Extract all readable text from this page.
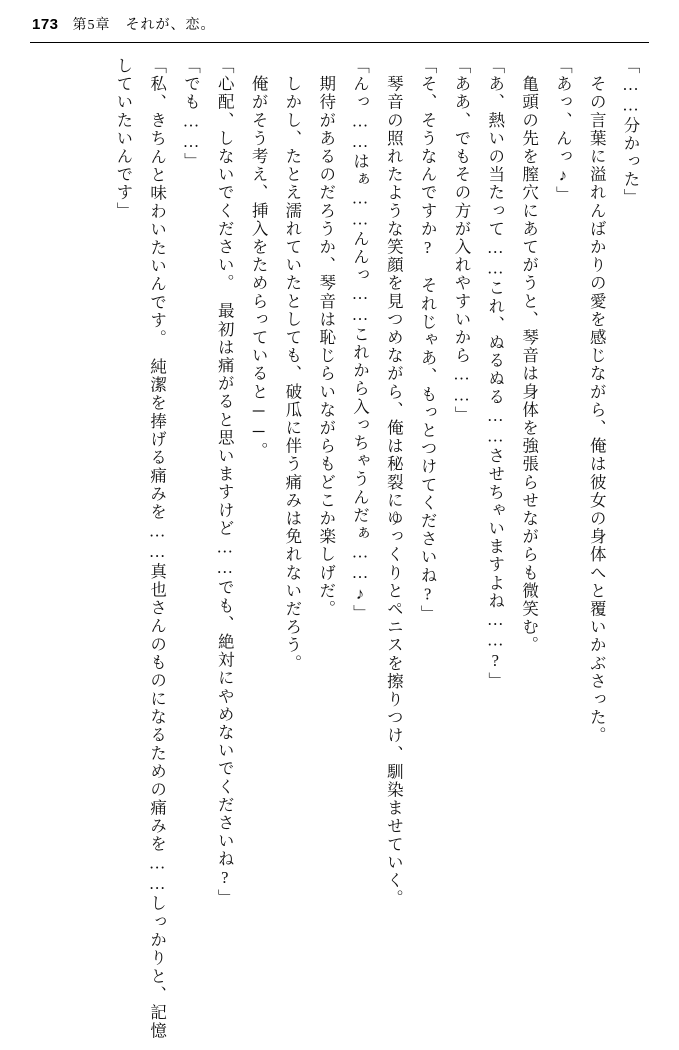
173 第5章　それが、恋。

「……分かった」

　その言葉に溢れんばかりの愛を感じながら、俺は彼女の身体へと覆いかぶさった。

「あっ、んっ♪」

　亀頭の先を膣穴にあてがうと、琴音は身体を強張らせながらも微笑む。

「あ、熱いの当たって……これ、ぬるぬる……させちゃいますよね……?」

「ああ、でもその方が入れやすいから……」

「そ、そうなんですか?　それじゃあ、もっとつけてくださいね?」

　琴音の照れたような笑顔を見つめながら、俺は秘裂にゆっくりとペニスを擦りつけ、馴染ませていく。

「んっ……はぁ……んんっ……これから入っちゃうんだぁ……♪」

　期待があるのだろうか、琴音は恥じらいながらもどこか楽しげだ。

　しかし、たとえ濡れていたとしても、破瓜に伴う痛みは免れないだろう。

　俺がそう考え、挿入をためらっていると──。

「心配、しないでください。　最初は痛がると思いますけど……でも、絶対にやめないでくださいね?」

「でも……」

「私、きちんと味わいたいんです。　純潔を捧げる痛みを……真也さんのものになるための痛みを……しっかりと、記憶していたいんです」
